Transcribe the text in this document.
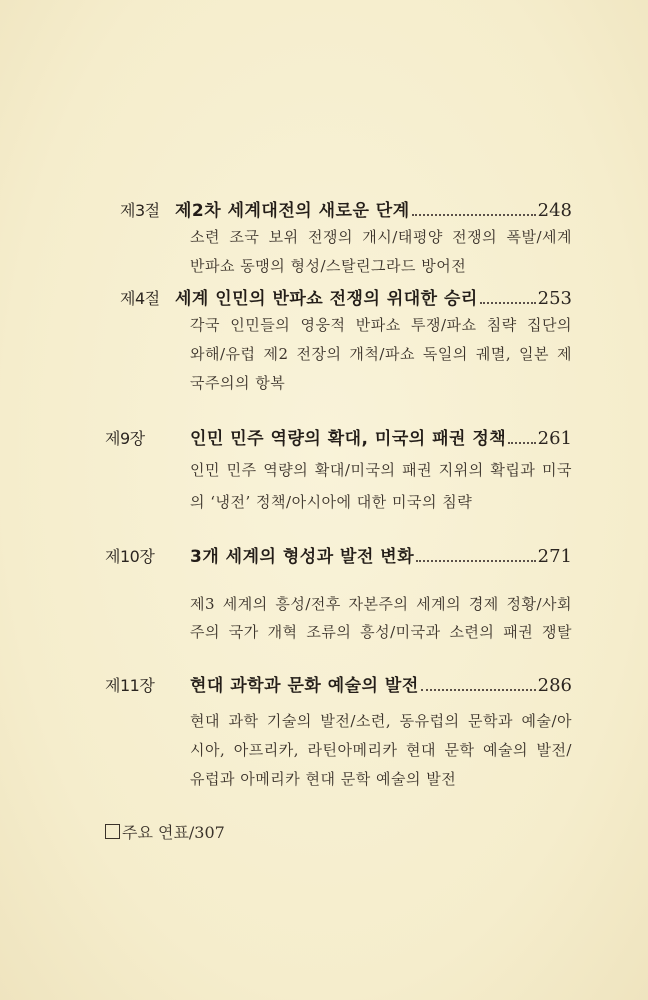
제3절 제2차 세계대전의 새로운 단계	248
소련 조국 보위 전쟁의 개시/태평양 전쟁의 폭발/세계
반파쇼 동맹의 형성/스탈린그라드 방어전
제4절 세계 인민의 반파쇼 전쟁의 위대한 승리	253
각국 인민들의 영웅적 반파쇼 투쟁/파쇼 침략 집단의
와해/유럽 제2 전장의 개척/파쇼 독일의 궤멸, 일본 제
국주의의 항복
제9장	인민 민주 역량의 확대, 미국의 패권 정책 261
인민 민주 역량의 확대/미국의 패권 지위의 확립과 미국
의 ‘냉전’ 정책/아시아에 대한 미국의 침략
제10장	3개 세계의 형성과 발전 변화	271
제3 세계의 흥성/전후 자본주의 세계의 경제 정황/사회
주의 국가 개혁 조류의 흥성/미국과 소련의 패권 쟁탈
제11장	현대 과학과 문화 예술의 발전	286
현대 과학 기술의 발전/소련, 동유럽의 문학과 예술/아
시아, 아프리카, 라틴아메리카 현대 문학 예술의 발전/
유럽과 아메리카 현대 문학 예술의 발전
주요 연표/307
